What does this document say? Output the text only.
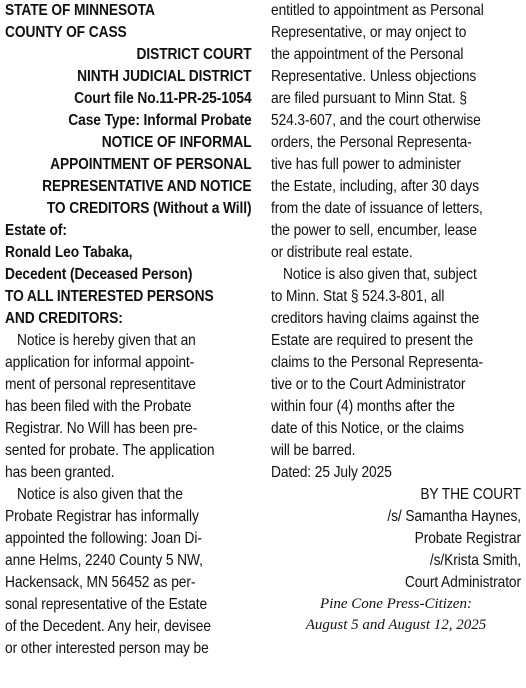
STATE OF MINNESOTA
COUNTY OF CASS
DISTRICT COURT
NINTH JUDICIAL DISTRICT
Court file No.11-PR-25-1054
Case Type: Informal Probate
NOTICE OF INFORMAL
APPOINTMENT OF PERSONAL
REPRESENTATIVE AND NOTICE
TO CREDITORS (Without a Will)
Estate of:
Ronald Leo Tabaka,
Decedent (Deceased Person)
TO ALL INTERESTED PERSONS
AND CREDITORS:
Notice is hereby given that an
application for informal appoint-
ment of personal representitave
has been filed with the Probate
Registrar. No Will has been pre-
sented for probate. The application
has been granted.
Notice is also given that the
Probate Registrar has informally
appointed the following: Joan Di-
anne Helms, 2240 County 5 NW,
Hackensack, MN 56452 as per-
sonal representative of the Estate
of the Decedent. Any heir, devisee
or other interested person may be
entitled to appointment as Personal
Representative, or may onject to
the appointment of the Personal
Representative. Unless objections
are filed pursuant to Minn Stat. §
524.3-607, and the court otherwise
orders, the Personal Representa-
tive has full power to administer
the Estate, including, after 30 days
from the date of issuance of letters,
the power to sell, encumber, lease
or distribute real estate.
Notice is also given that, subject
to Minn. Stat § 524.3-801, all
creditors having claims against the
Estate are required to present the
claims to the Personal Representa-
tive or to the Court Administrator
within four (4) months after the
date of this Notice, or the claims
will be barred.
Dated: 25 July 2025
BY THE COURT
/s/ Samantha Haynes,
Probate Registrar
/s/Krista Smith,
Court Administrator
Pine Cone Press-Citizen:
August 5 and August 12, 2025
